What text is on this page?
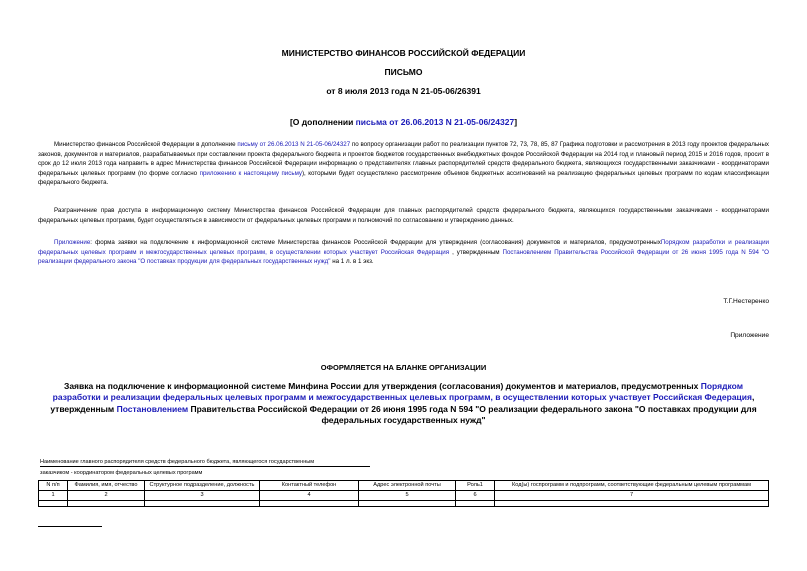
МИНИСТЕРСТВО ФИНАНСОВ РОССИЙСКОЙ ФЕДЕРАЦИИ
ПИСЬМО
от 8 июля 2013 года N 21-05-06/26391
[О дополнении письма от 26.06.2013 N 21-05-06/24327]
Министерство финансов Российской Федерации в дополнение письму от 26.06.2013 N 21-05-06/24327 по вопросу организации работ по реализации пунктов 72, 73, 78, 85, 87 Графика подготовки и рассмотрения в 2013 году проектов федеральных законов, документов и материалов, разрабатываемых при составлении проекта федерального бюджета и проектов бюджетов государственных внебюджетных фондов Российской Федерации на 2014 год и плановый период 2015 и 2016 годов, просит в срок до 12 июля 2013 года направить в адрес Министерства финансов Российской Федерации информацию о представителях главных распорядителей средств федерального бюджета, являющихся государственными заказчиками - координаторами федеральных целевых программ (по форме согласно приложению к настоящему письму), которыми будет осуществлено рассмотрение объемов бюджетных ассигнований на реализацию федеральных целевых программ по кодам классификации федерального бюджета.
Разграничение прав доступа в информационную систему Министерства финансов Российской Федерации для главных распорядителей средств федерального бюджета, являющихся государственными заказчиками - координаторами федеральных целевых программ, будет осуществляться в зависимости от федеральных целевых программ и полномочий по согласованию и утверждению данных.
Приложение: форма заявки на подключение к информационной системе Министерства финансов Российской Федерации для утверждения (согласования) документов и материалов, предусмотренныхПорядком разработки и реализации федеральных целевых программ и межгосударственных целевых программ, в осуществлении которых участвует Российская Федерация , утвержденным Постановлением Правительства Российской Федерации от 26 июня 1995 года N 594 "О реализации федерального закона "О поставках продукции для федеральных государственных нужд" на 1 л. в 1 экз.
Т.Г.Нестеренко
Приложение
ОФОРМЛЯЕТСЯ НА БЛАНКЕ ОРГАНИЗАЦИИ
Заявка на подключение к информационной системе Минфина России для утверждения (согласования) документов и материалов, предусмотренных Порядком разработки и реализации федеральных целевых программ и межгосударственных целевых программ, в осуществлении которых участвует Российская Федерация, утвержденным Постановлением Правительства Российской Федерации от 26 июня 1995 года N 594 "О реализации федерального закона "О поставках продукции для федеральных государственных нужд"
Наименование главного распорядителя средств федерального бюджета, являющегося государственным
заказчиком - координатором федеральных целевых программ
N п/п	Фамилия, имя, отчество	Структурное подразделение, должность	Контактный телефон	Адрес электронной почты	Роль1	Код(ы) госпрограмм и подпрограмм, соответствующие федеральным целевым программам
1	2	3	4	5	6	7
